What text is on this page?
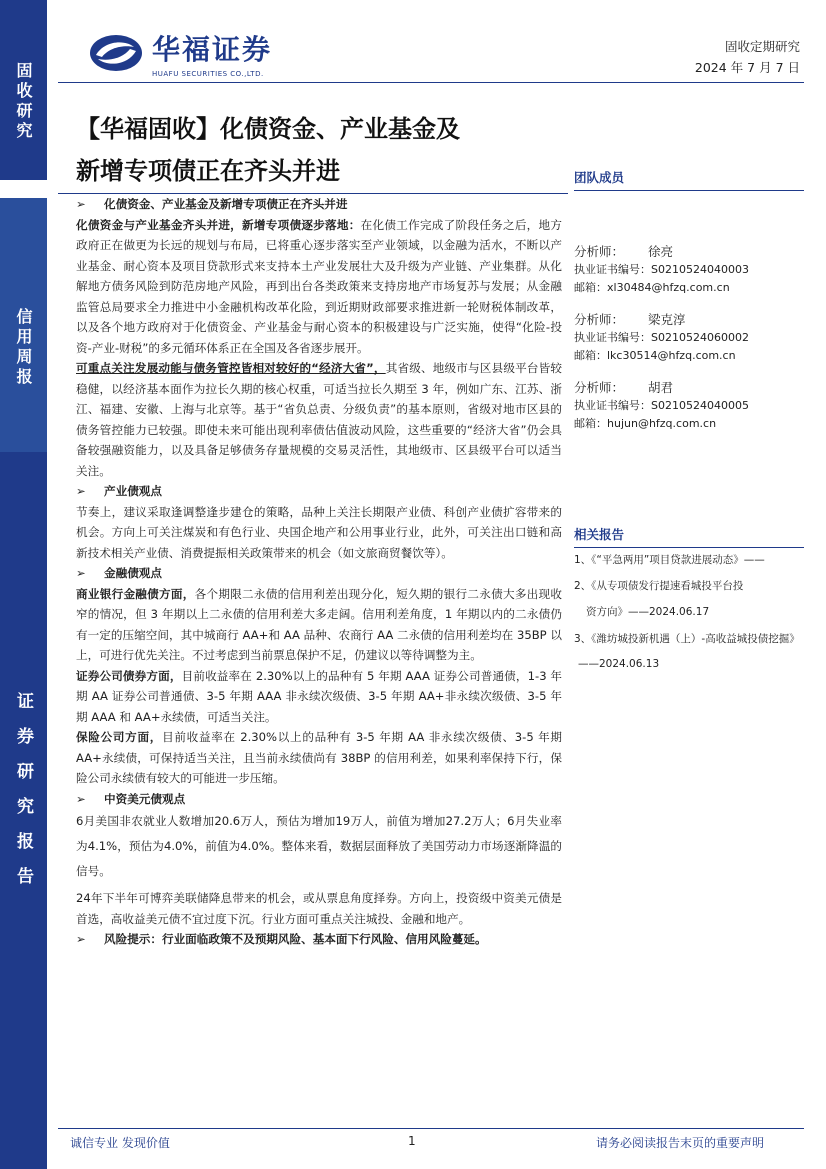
固收研究
信用周报
证券研究报告
华福证券
HUAFU SECURITIES CO.,LTD.
固收定期研究
2024 年 7 月 7 日
【华福固收】化债资金、产业基金及
新增专项债正在齐头并进

➢ 化债资金、产业基金及新增专项债正在齐头并进

化债资金与产业基金齐头并进，新增专项债逐步落地：在化债工作完成了阶段任务之后，地方政府正在做更为长远的规划与布局，已将重心逐步落实至产业领域，以金融为活水，不断以产业基金、耐心资本及项目贷款形式来支持本土产业发展壮大及升级为产业链、产业集群。从化解地方债务风险到防范房地产风险，再到出台各类政策来支持房地产市场复苏与发展；从金融监管总局要求全力推进中小金融机构改革化险，到近期财政部要求推进新一轮财税体制改革，以及各个地方政府对于化债资金、产业基金与耐心资本的积极建设与广泛实施，使得“化险-投资-产业-财税”的多元循环体系正在全国及各省逐步展开。

可重点关注发展动能与债务管控皆相对较好的“经济大省”，其省级、地级市与区县级平台皆较稳健，以经济基本面作为拉长久期的核心权重，可适当拉长久期至 3 年，例如广东、江苏、浙江、福建、安徽、上海与北京等。基于“省负总责、分级负责”的基本原则，省级对地市区县的债务管控能力已较强。即使未来可能出现利率债估值波动风险，这些重要的“经济大省”仍会具备较强融资能力，以及具备足够债务存量规模的交易灵活性，其地级市、区县级平台可以适当关注。

➢ 产业债观点

节奏上，建议采取逢调整逢步建仓的策略，品种上关注长期限产业债、科创产业债扩容带来的机会。方向上可关注煤炭和有色行业、央国企地产和公用事业行业，此外，可关注出口链和高新技术相关产业债、消费提振相关政策带来的机会（如文旅商贸餐饮等）。

➢ 金融债观点

商业银行金融债方面，各个期限二永债的信用利差出现分化，短久期的银行二永债大多出现收窄的情况，但 3 年期以上二永债的信用利差大多走阔。信用利差角度，1 年期以内的二永债仍有一定的压缩空间，其中城商行 AA+和 AA 品种、农商行 AA 二永债的信用利差均在 35BP 以上，可进行优先关注。不过考虑到当前票息保护不足，仍建议以等待调整为主。

证券公司债券方面，目前收益率在 2.30%以上的品种有 5 年期 AAA 证券公司普通债，1-3 年期 AA 证券公司普通债、3-5 年期 AAA 非永续次级债、3-5 年期 AA+非永续次级债、3-5 年期 AAA 和 AA+永续债，可适当关注。

保险公司方面，目前收益率在 2.30%以上的品种有 3-5 年期 AA 非永续次级债、3-5 年期 AA+永续债，可保持适当关注，且当前永续债尚有 38BP 的信用利差，如果利率保持下行，保险公司永续债有较大的可能进一步压缩。

➢ 中资美元债观点

6月美国非农就业人数增加20.6万人，预估为增加19万人，前值为增加27.2万人；6月失业率为4.1%，预估为4.0%，前值为4.0%。整体来看，数据层面释放了美国劳动力市场逐渐降温的信号。

24年下半年可博弈美联储降息带来的机会，或从票息角度择券。方向上，投资级中资美元债是首选，高收益美元债不宜过度下沉。行业方面可重点关注城投、金融和地产。

➢ 风险提示：行业面临政策不及预期风险、基本面下行风险、信用风险蔓延。

团队成员
分析师： 徐亮
执业证书编号：S0210524040003
邮箱：xl30484@hfzq.com.cn
分析师： 梁克淳
执业证书编号：S0210524060002
邮箱：lkc30514@hfzq.com.cn
分析师： 胡君
执业证书编号：S0210524040005
邮箱：hujun@hfzq.com.cn
相关报告
1、《“平急两用”项目贷款进展动态》——
2、《从专项债发行提速看城投平台投
资方向》——2024.06.17
3、《潍坊城投新机遇（上）-高收益城投债挖掘》
——2024.06.13
诚信专业 发现价值	1	请务必阅读报告末页的重要声明
